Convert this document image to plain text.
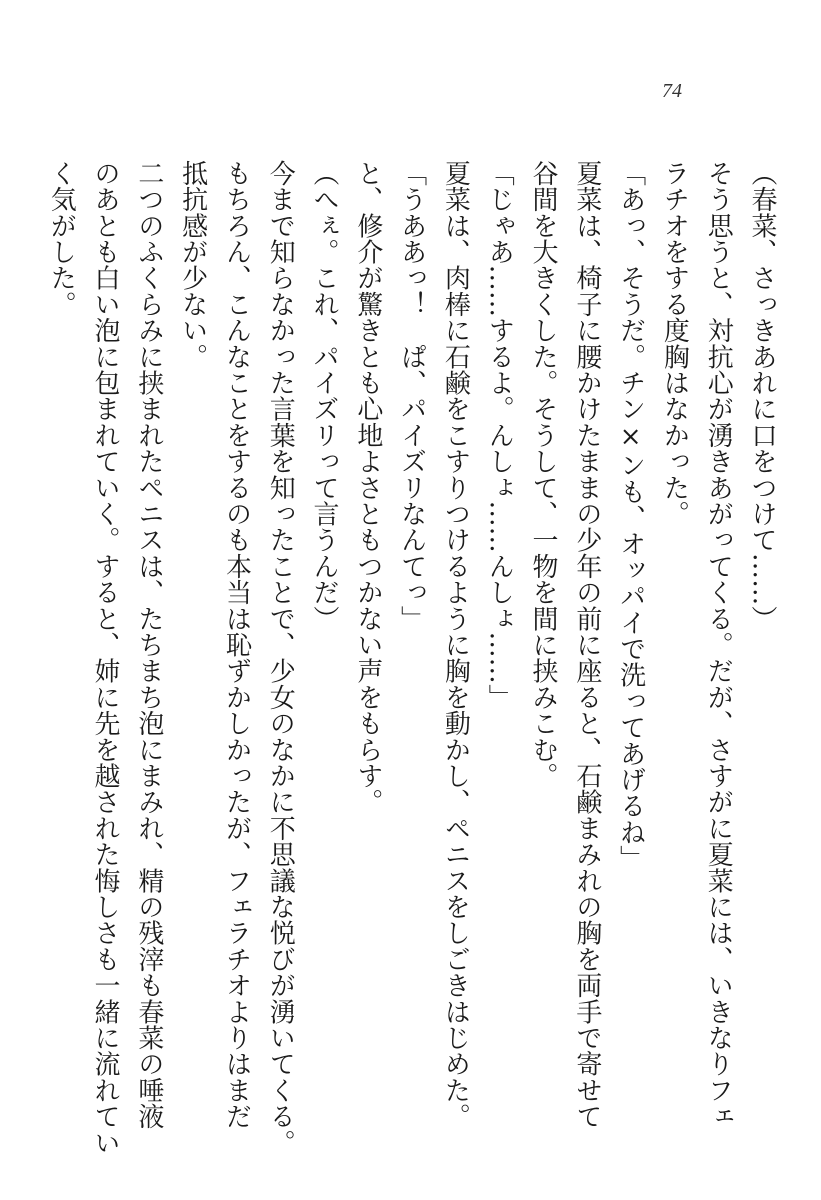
74
（春菜、さっきあれに口をつけて……）
そう思うと、対抗心が湧きあがってくる。だが、さすがに夏菜には、いきなりフェ
ラチオをする度胸はなかった。
「あっ、そうだ。チン×ンも、オッパイで洗ってあげるね」
夏菜は、椅子に腰かけたままの少年の前に座ると、石鹸まみれの胸を両手で寄せて
谷間を大きくした。そうして、一物を間に挟みこむ。
「じゃあ……するよ。んしょ……んしょ……」
夏菜は、肉棒に石鹸をこすりつけるように胸を動かし、ペニスをしごきはじめた。
「うああっ！　ぱ、パイズリなんてっ」
と、修介が驚きとも心地よさともつかない声をもらす。
（へぇ。これ、パイズリって言うんだ）
今まで知らなかった言葉を知ったことで、少女のなかに不思議な悦びが湧いてくる。
もちろん、こんなことをするのも本当は恥ずかしかったが、フェラチオよりはまだ
抵抗感が少ない。
二つのふくらみに挟まれたペニスは、たちまち泡にまみれ、精の残滓も春菜の唾液
のあとも白い泡に包まれていく。すると、姉に先を越された悔しさも一緒に流れてい
く気がした。
